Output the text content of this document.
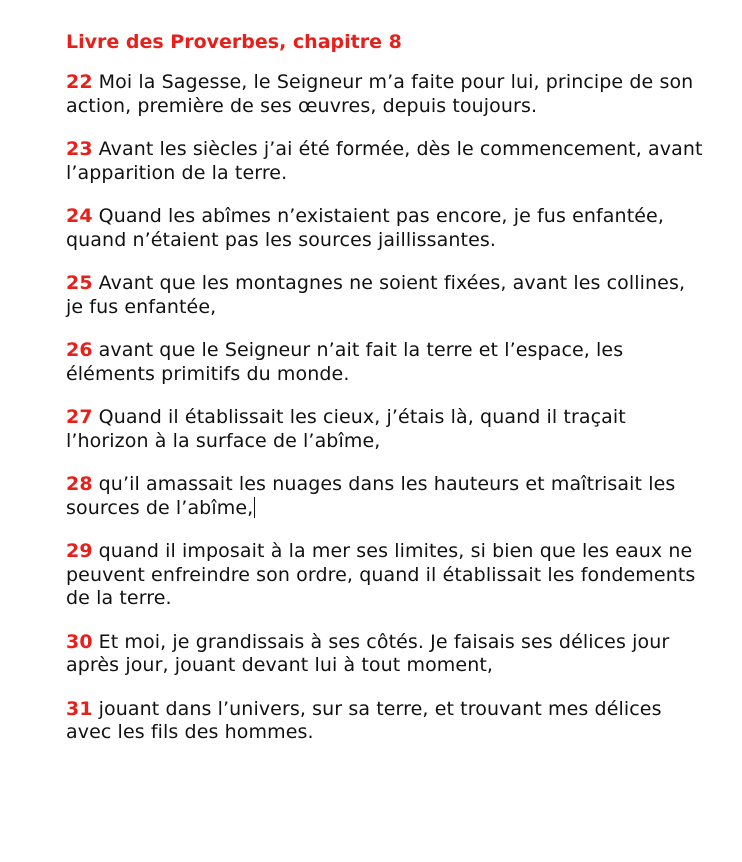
Livre des Proverbes, chapitre 8

22 Moi la Sagesse, le Seigneur m’a faite pour lui, principe de son action, première de ses œuvres, depuis toujours.

23 Avant les siècles j’ai été formée, dès le commencement, avant l’apparition de la terre.

24 Quand les abîmes n’existaient pas encore, je fus enfantée, quand n’étaient pas les sources jaillissantes.

25 Avant que les montagnes ne soient fixées, avant les collines, je fus enfantée,

26 avant que le Seigneur n’ait fait la terre et l’espace, les éléments primitifs du monde.

27 Quand il établissait les cieux, j’étais là, quand il traçait l’horizon à la surface de l’abîme,

28 qu’il amassait les nuages dans les hauteurs et maîtrisait les sources de l’abîme,

29 quand il imposait à la mer ses limites, si bien que les eaux ne peuvent enfreindre son ordre, quand il établissait les fondements de la terre.

30 Et moi, je grandissais à ses côtés. Je faisais ses délices jour après jour, jouant devant lui à tout moment,

31 jouant dans l’univers, sur sa terre, et trouvant mes délices avec les fils des hommes.
